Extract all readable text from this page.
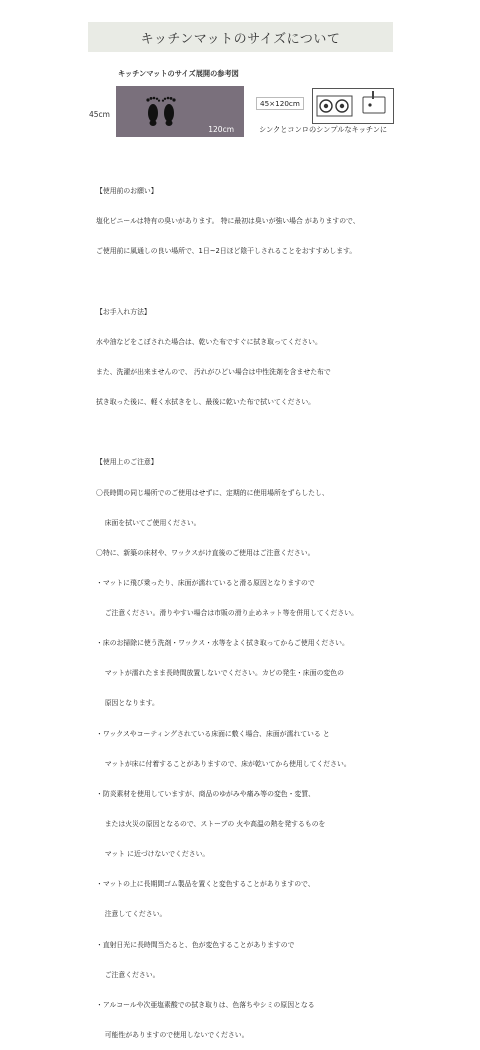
キッチンマットのサイズについて
キッチンマットのサイズ展開の参考図
45cm
120cm
45×120cm
シンクとコンロのシンプルなキッチンに

【使用前のお願い】

塩化ビニールは特有の臭いがあります。 特に最初は臭いが強い場合 がありますので、

ご使用前に風通しの良い場所で、1日~2日ほど陰干しされることをおすすめします。

【お手入れ方法】

水や油などをこぼされた場合は、乾いた布ですぐに拭き取ってください。

また、洗濯が出来ませんので、 汚れがひどい場合は中性洗剤を含ませた布で

拭き取った後に、軽く水拭きをし、最後に乾いた布で拭いてください。

【使用上のご注意】

〇長時間の同じ場所でのご使用はせずに、定期的に使用場所をずらしたし、

床面を拭いてご使用ください。

〇特に、新築の床材や、ワックスがけ直後のご使用はご注意ください。

・マットに飛び乗ったり、床面が濡れていると滑る原因となりますので

ご注意ください。滑りやすい場合は市販の滑り止めネット等を併用してください。

・床のお掃除に使う洗剤・ワックス・水等をよく拭き取ってからご使用ください。

マットが濡れたまま長時間放置しないでください。カビの発生・床面の変色の

原因となります。

・ワックスやコーティングされている床面に敷く場合、床面が濡れている と

マットが床に付着することがありますので、床が乾いてから使用してください。

・防炎素材を使用していますが、商品のゆがみや痛み等の変色・変質、

または火災の原因となるので、ストーブの 火や高温の熱を発するものを

マット に近づけないでください。

・マットの上に長期間ゴム製品を置くと変色することがありますので、

注意してください。

・直射日光に長時間当たると、色が変色することがありますので

ご注意ください。

・アルコールや次亜塩素酸での拭き取りは、色落ちやシミの原因となる

可能性がありますので使用しないでください。
